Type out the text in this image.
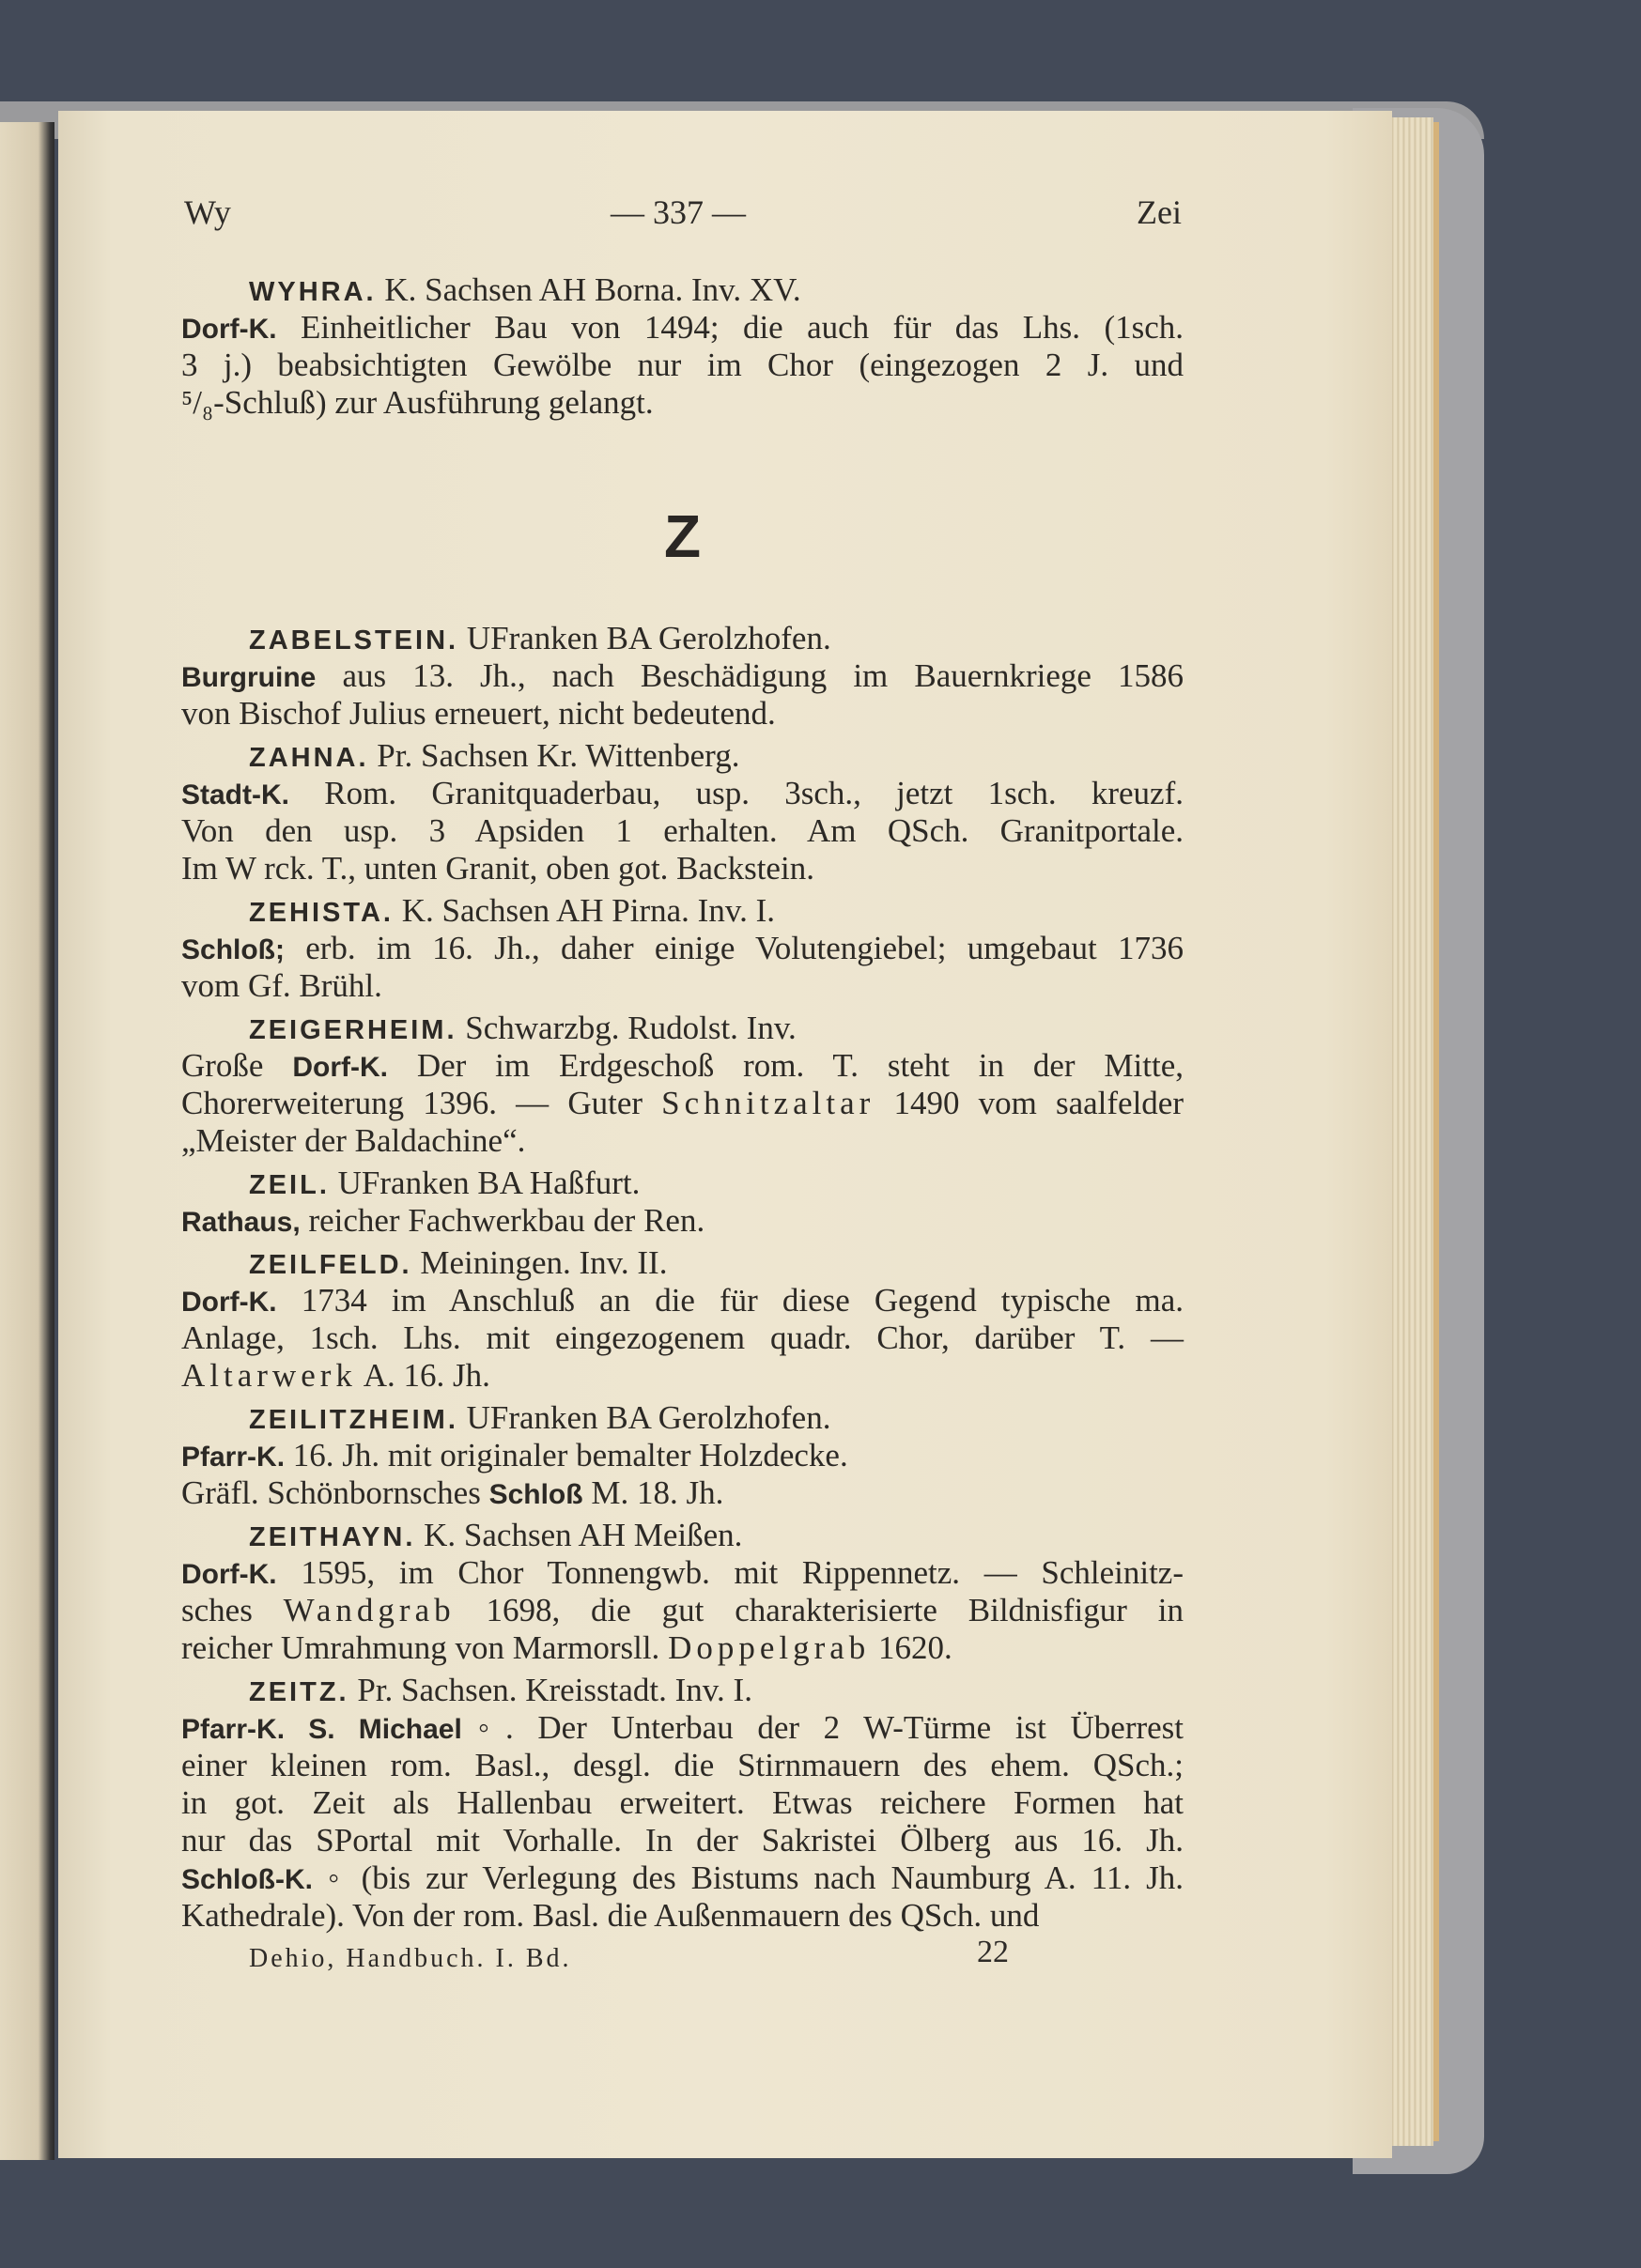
Wy	— 337 —	Zei
WYHRA. K. Sachsen AH Borna. Inv. XV.
Dorf-K. Einheitlicher Bau von 1494; die auch für das Lhs. (1sch.
3 j.) beabsichtigten Gewölbe nur im Chor (eingezogen 2 J. und
⁵/₈-Schluß) zur Ausführung gelangt.
Z
ZABELSTEIN. UFranken BA Gerolzhofen.
Burgruine aus 13. Jh., nach Beschädigung im Bauernkriege 1586
von Bischof Julius erneuert, nicht bedeutend.
ZAHNA. Pr. Sachsen Kr. Wittenberg.
Stadt-K. Rom. Granitquaderbau, usp. 3sch., jetzt 1sch. kreuzf.
Von den usp. 3 Apsiden 1 erhalten. Am QSch. Granitportale.
Im W rck. T., unten Granit, oben got. Backstein.
ZEHISTA. K. Sachsen AH Pirna. Inv. I.
Schloß; erb. im 16. Jh., daher einige Volutengiebel; umgebaut 1736
vom Gf. Brühl.
ZEIGERHEIM. Schwarzbg. Rudolst. Inv.
Große Dorf-K. Der im Erdgeschoß rom. T. steht in der Mitte,
Chorerweiterung 1396. — Guter Schnitzaltar 1490 vom saalfelder
„Meister der Baldachine“.
ZEIL. UFranken BA Haßfurt.
Rathaus, reicher Fachwerkbau der Ren.
ZEILFELD. Meiningen. Inv. II.
Dorf-K. 1734 im Anschluß an die für diese Gegend typische ma.
Anlage, 1sch. Lhs. mit eingezogenem quadr. Chor, darüber T. —
Altarwerk A. 16. Jh.
ZEILITZHEIM. UFranken BA Gerolzhofen.
Pfarr-K. 16. Jh. mit originaler bemalter Holzdecke.
Gräfl. Schönbornsches Schloß M. 18. Jh.
ZEITHAYN. K. Sachsen AH Meißen.
Dorf-K. 1595, im Chor Tonnengwb. mit Rippennetz. — Schleinitz-
sches Wandgrab 1698, die gut charakterisierte Bildnisfigur in
reicher Umrahmung von Marmorsll. Doppelgrab 1620.
ZEITZ. Pr. Sachsen. Kreisstadt. Inv. I.
Pfarr-K. S. Michael◦. Der Unterbau der 2 W-Türme ist Überrest
einer kleinen rom. Basl., desgl. die Stirnmauern des ehem. QSch.;
in got. Zeit als Hallenbau erweitert. Etwas reichere Formen hat
nur das SPortal mit Vorhalle. In der Sakristei Ölberg aus 16. Jh.
Schloß-K. ◦ (bis zur Verlegung des Bistums nach Naumburg A. 11. Jh.
Kathedrale). Von der rom. Basl. die Außenmauern des QSch. und
Dehio, Handbuch. I. Bd.	22
